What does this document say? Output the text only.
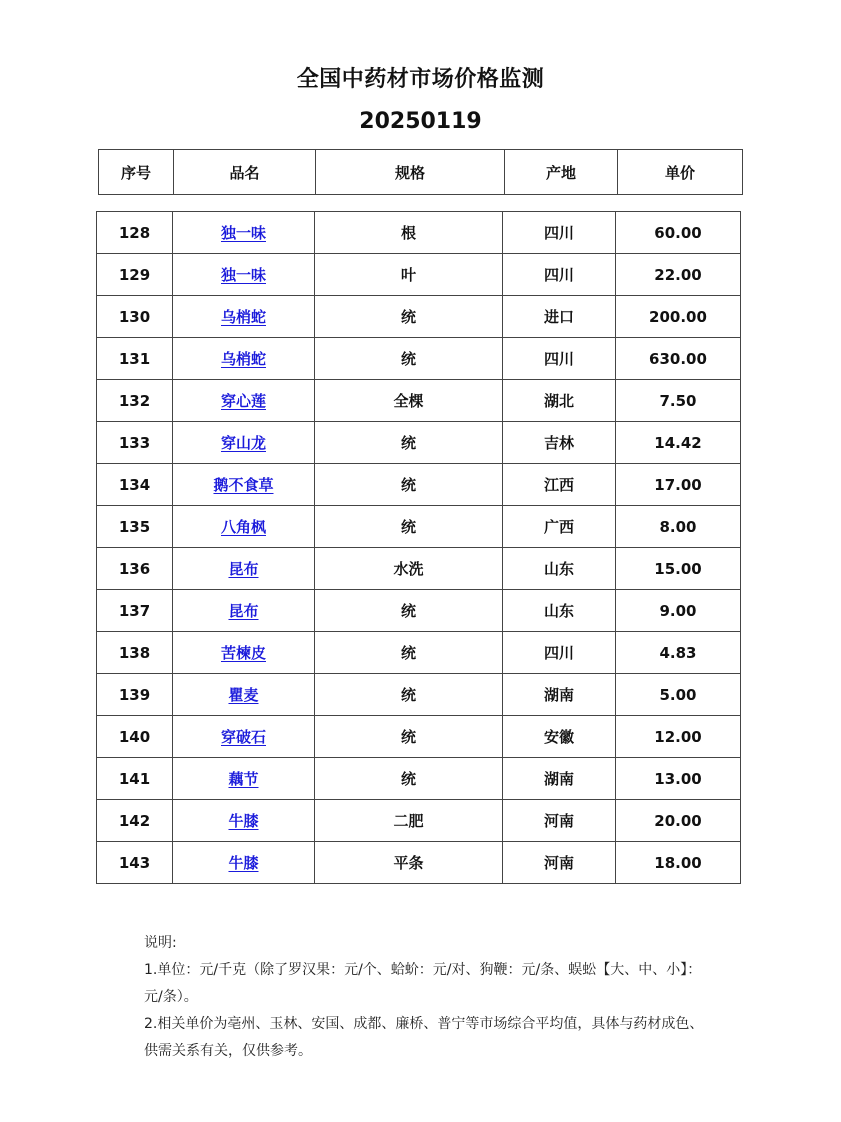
全国中药材市场价格监测
20250119
序号	品名	规格	产地	单价
128	独一味	根	四川	60.00
129	独一味	叶	四川	22.00
130	乌梢蛇	统	进口	200.00
131	乌梢蛇	统	四川	630.00
132	穿心莲	全棵	湖北	7.50
133	穿山龙	统	吉林	14.42
134	鹅不食草	统	江西	17.00
135	八角枫	统	广西	8.00
136	昆布	水洗	山东	15.00
137	昆布	统	山东	9.00
138	苦楝皮	统	四川	4.83
139	瞿麦	统	湖南	5.00
140	穿破石	统	安徽	12.00
141	藕节	统	湖南	13.00
142	牛膝	二肥	河南	20.00
143	牛膝	平条	河南	18.00

说明:

1.单位：元/千克（除了罗汉果：元/个、蛤蚧：元/对、狗鞭：元/条、蜈蚣【大、中、小】：元/条）。

2.相关单价为亳州、玉林、安国、成都、廉桥、普宁等市场综合平均值，具体与药材成色、供需关系有关，仅供参考。
